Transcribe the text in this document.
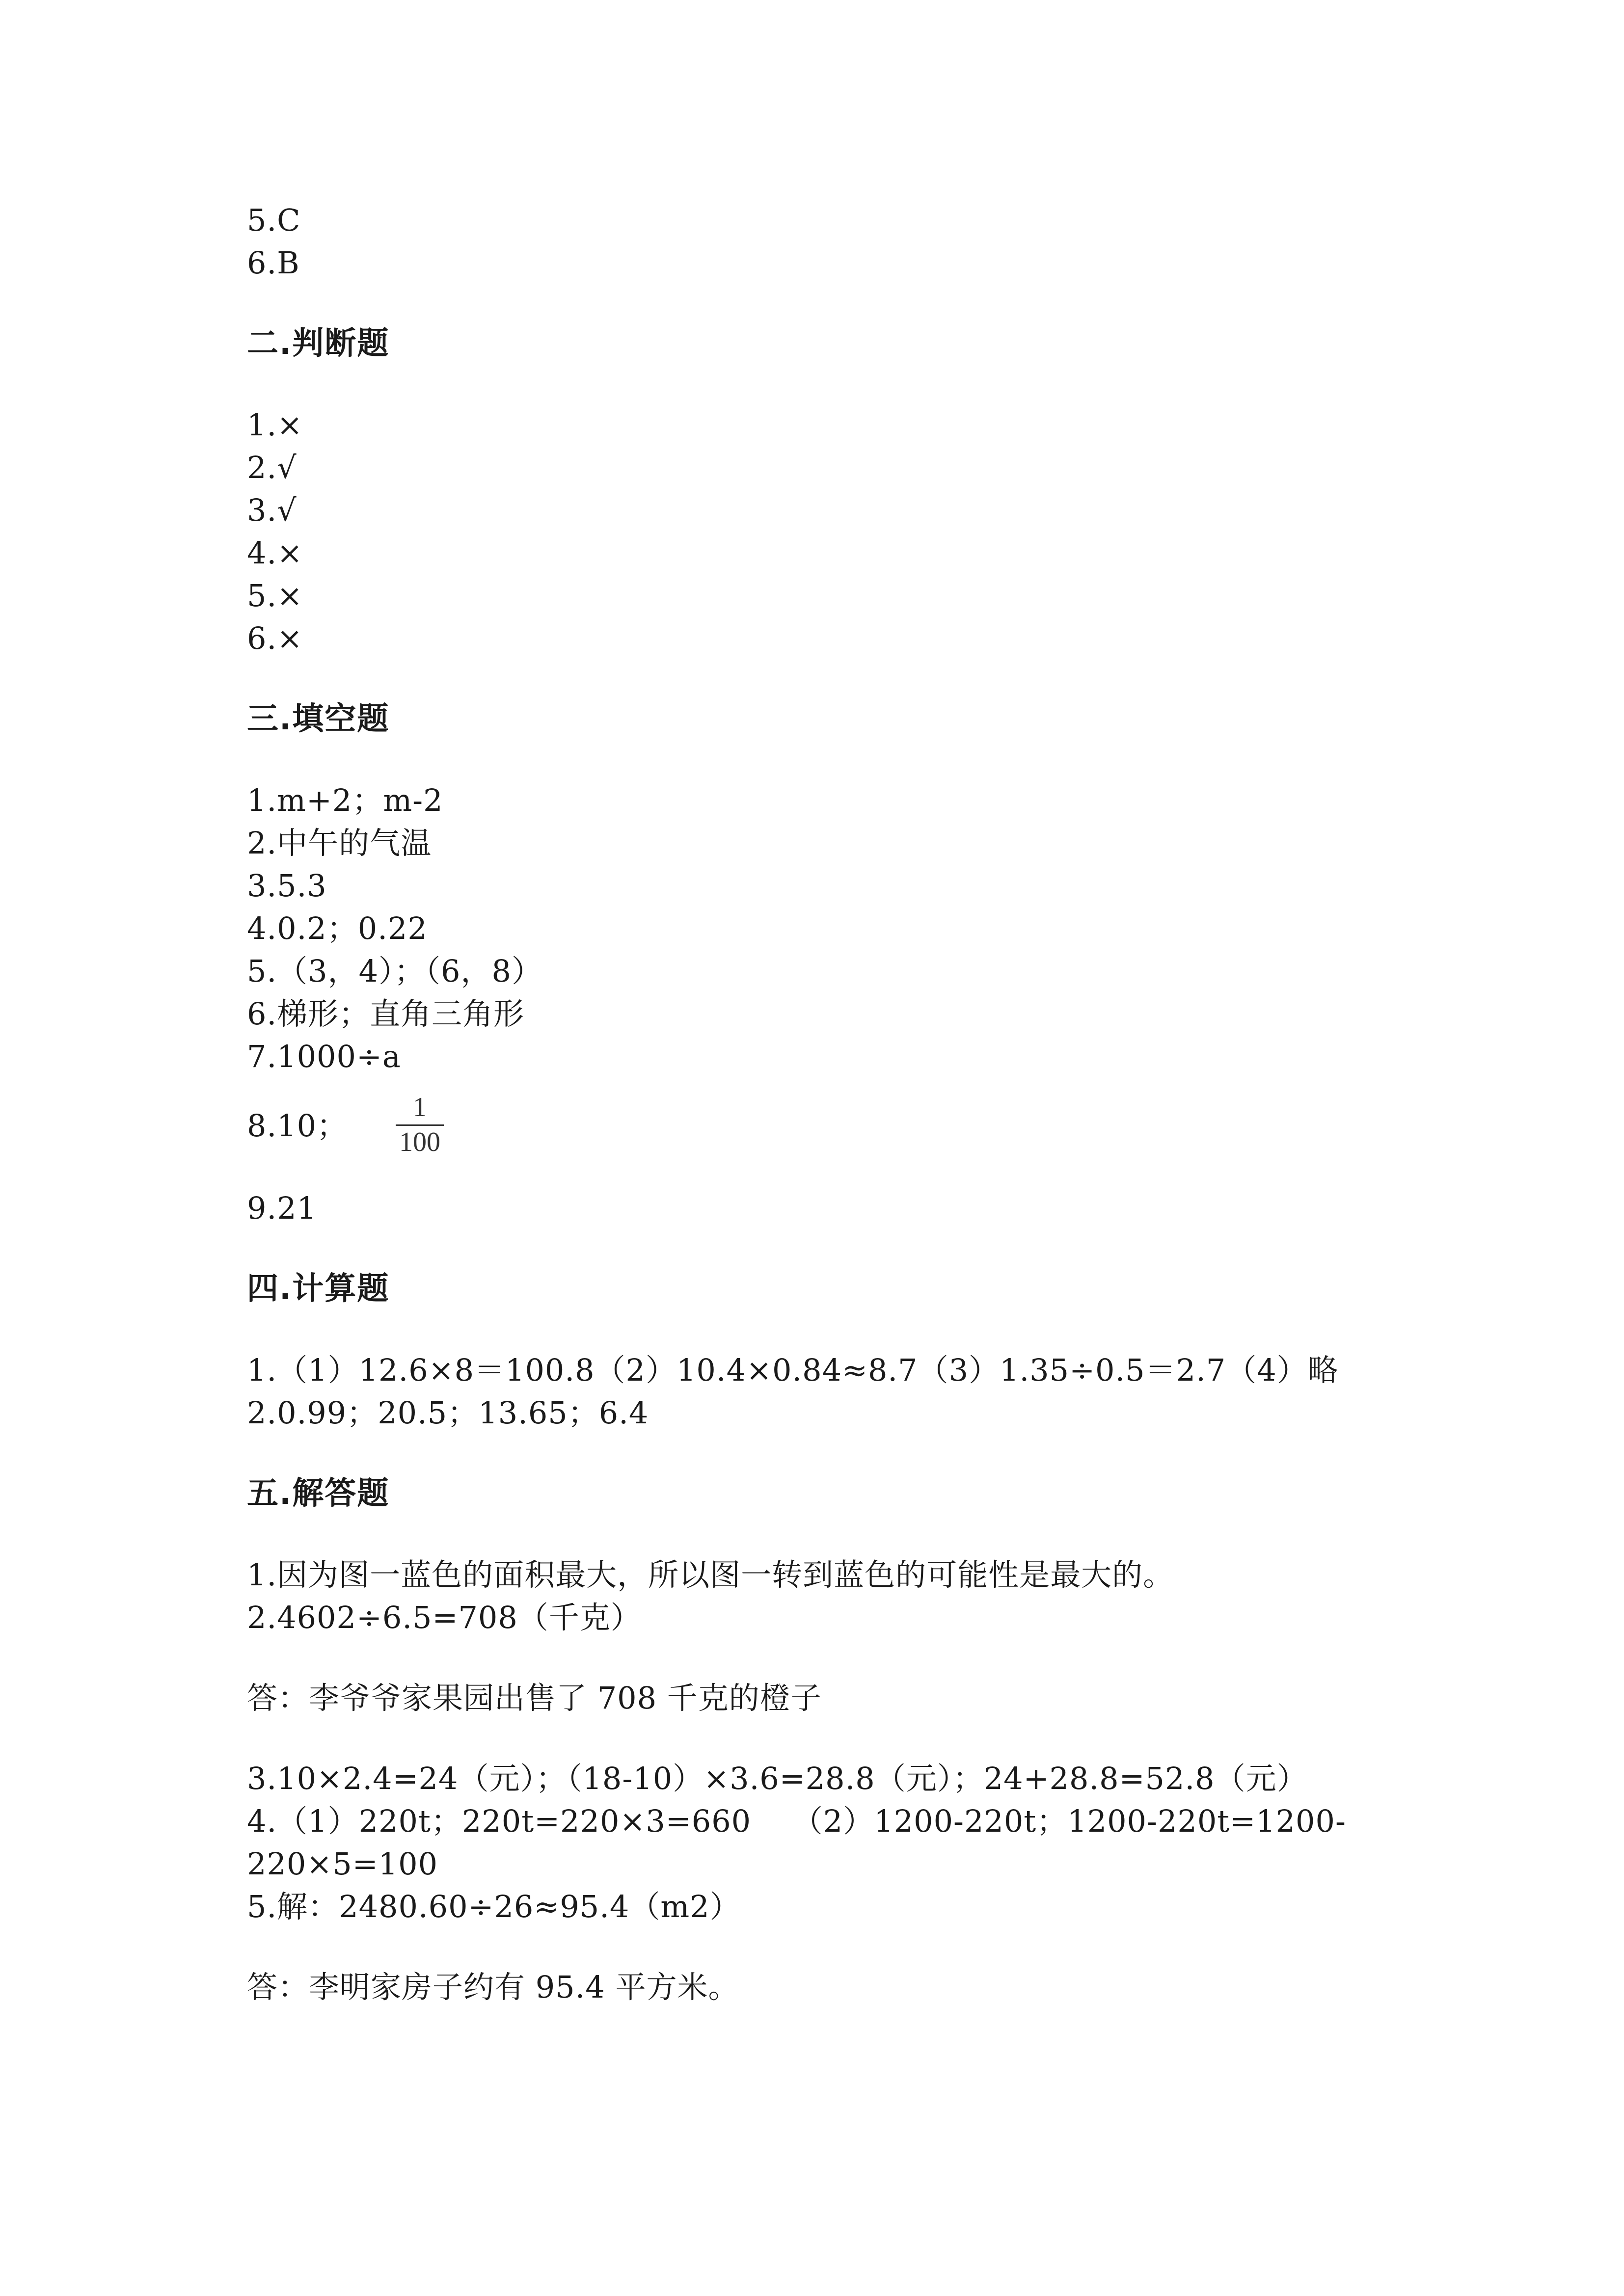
5.C
6.B
二.判断题
1.×
2.√
3.√
4.×
5.×
6.×
三.填空题
1.m+2；m-2
2.中午的气温
3.5.3
4.0.2；0.22
5.（3，4）；（6，8）
6.梯形；直角三角形
7.1000÷a
8.10；
1
100
9.21
四.计算题
1.（1）12.6×8＝100.8（2）10.4×0.84≈8.7（3）1.35÷0.5＝2.7（4）略
2.0.99；20.5；13.65；6.4
五.解答题
1.因为图一蓝色的面积最大，所以图一转到蓝色的可能性是最大的。
2.4602÷6.5=708（千克）
答：李爷爷家果园出售了 708 千克的橙子
3.10×2.4=24（元）；（18-10）×3.6=28.8（元）；24+28.8=52.8（元）
4.（1）220t；220t=220×3=660　 （2）1200-220t；1200-220t=1200-
220×5=100
5.解：2480.60÷26≈95.4（m2）
答：李明家房子约有 95.4 平方米。
